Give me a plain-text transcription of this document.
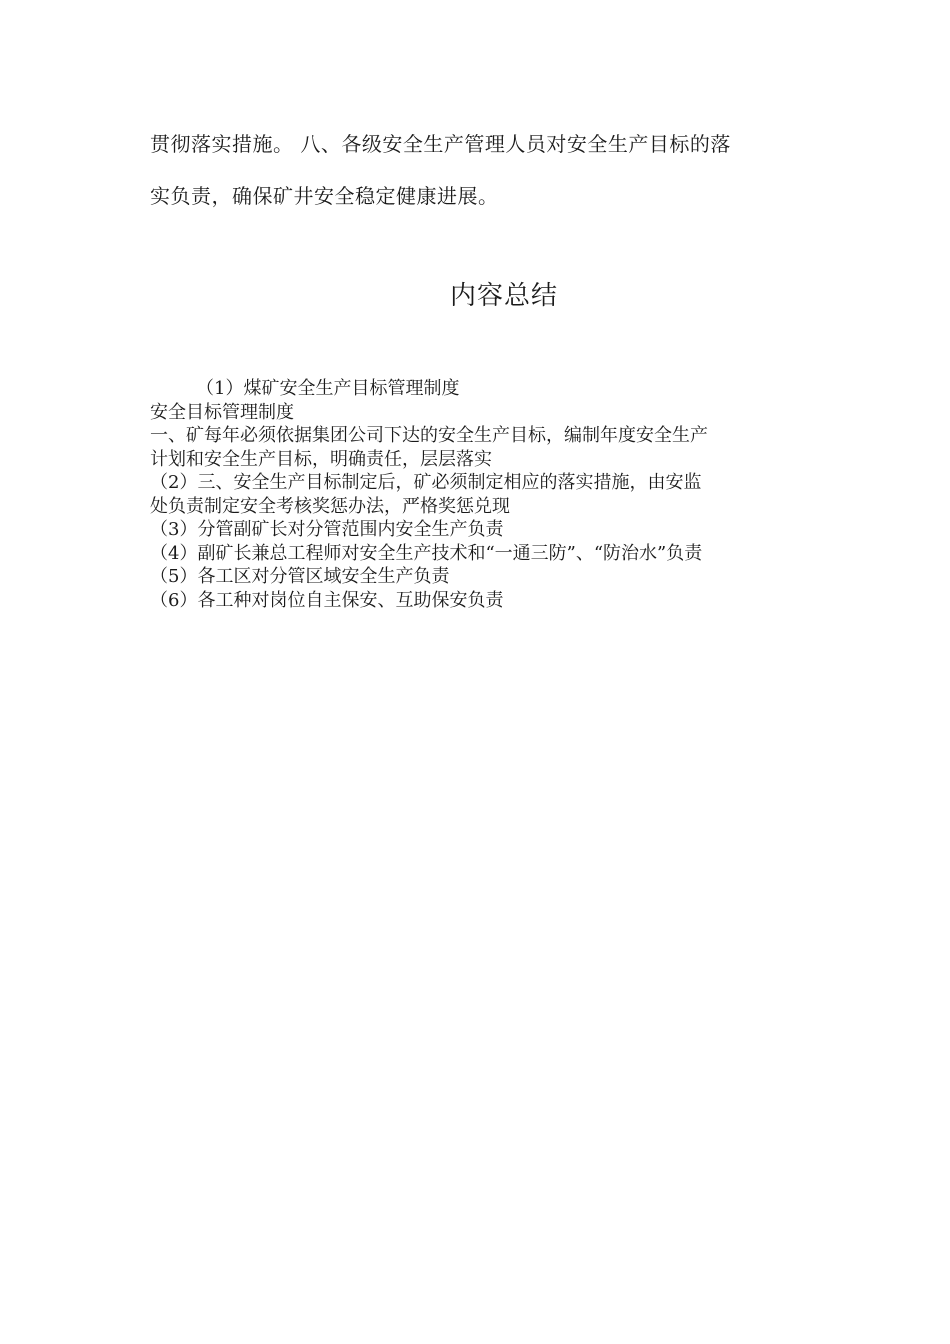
贯彻落实措施。 八、各级安全生产管理人员对安全生产目标的落

实负责，确保矿井安全稳定健康进展。

内容总结

（1）煤矿安全生产目标管理制度

安全目标管理制度

一、矿每年必须依据集团公司下达的安全生产目标，编制年度安全生产

计划和安全生产目标，明确责任，层层落实

（2）三、安全生产目标制定后，矿必须制定相应的落实措施，由安监

处负责制定安全考核奖惩办法，严格奖惩兑现

（3）分管副矿长对分管范围内安全生产负责

（4）副矿长兼总工程师对安全生产技术和“一通三防”、“防治水”负责

（5）各工区对分管区域安全生产负责

（6）各工种对岗位自主保安、互助保安负责
